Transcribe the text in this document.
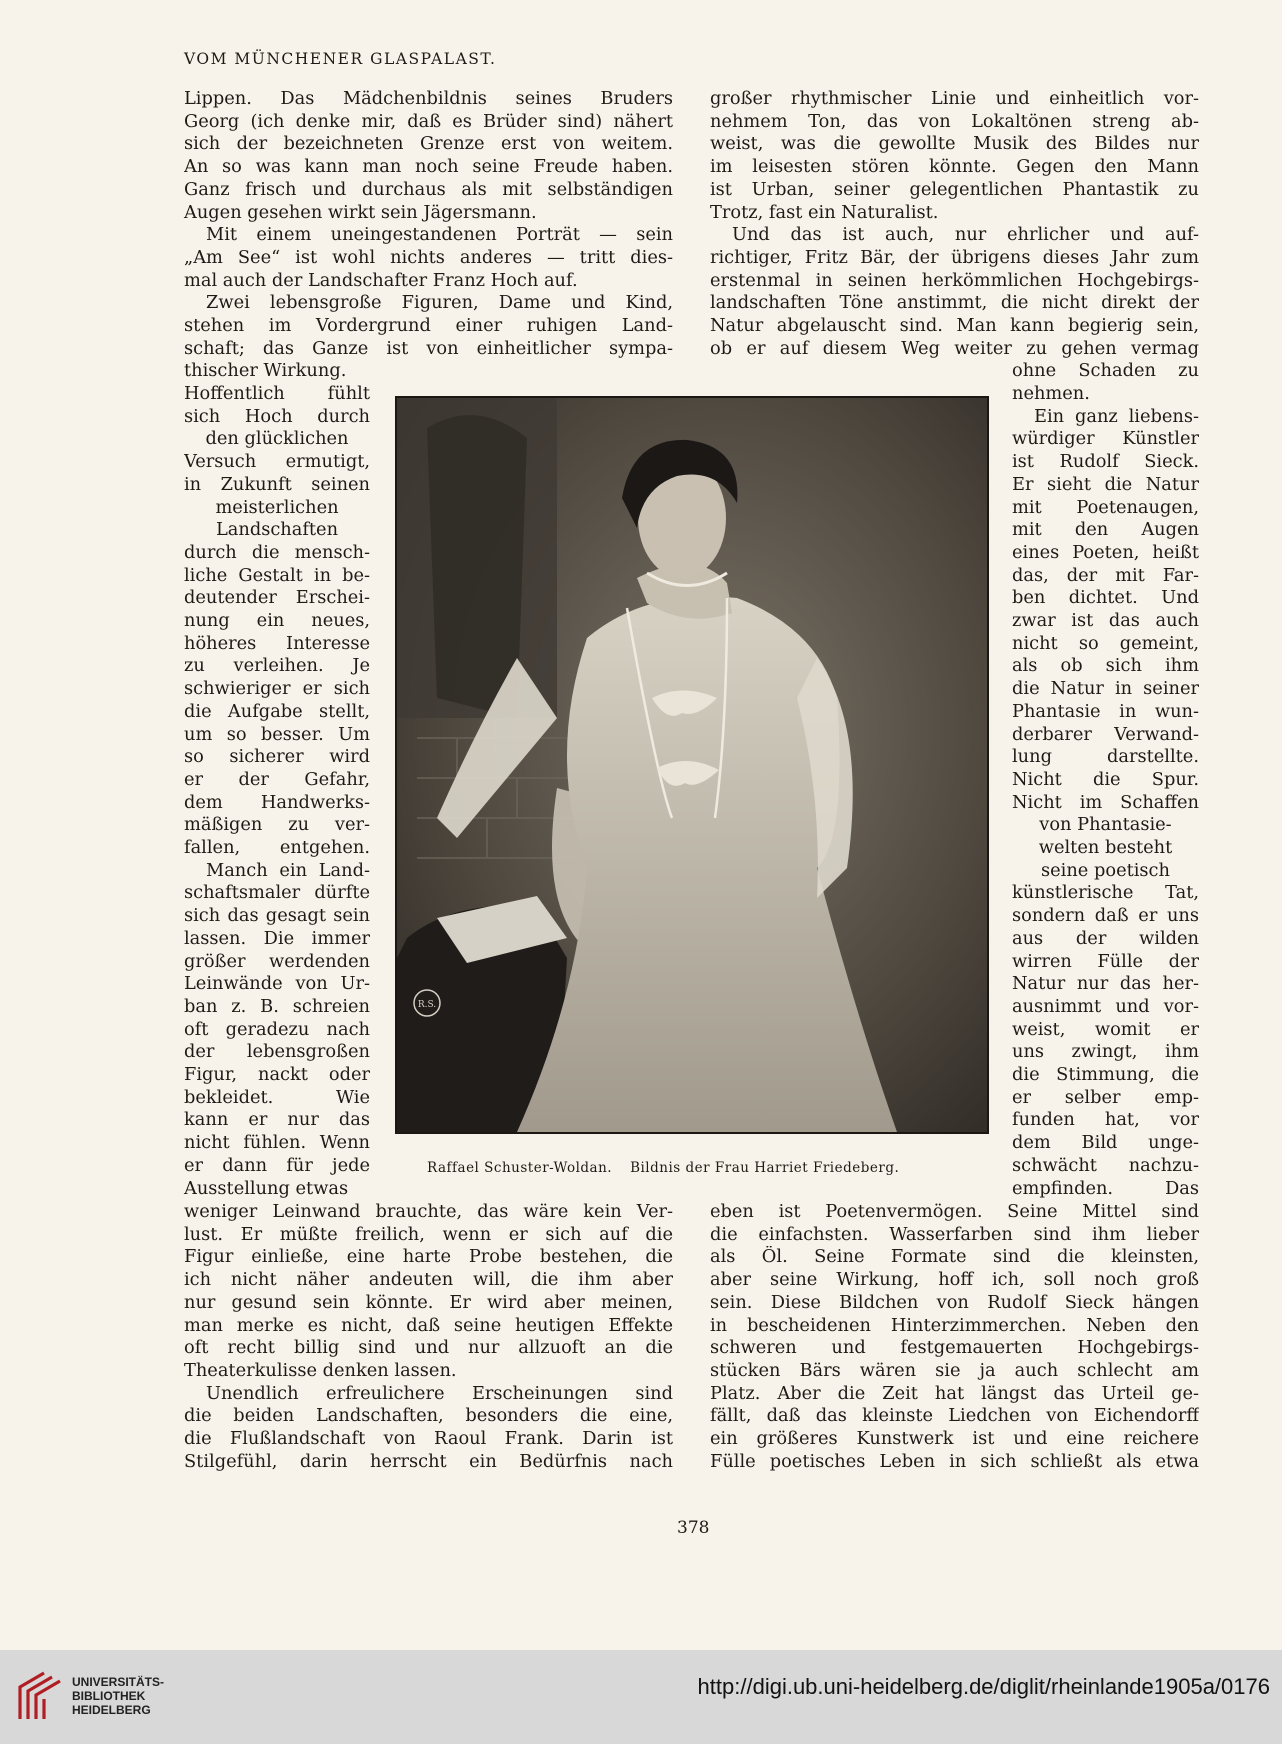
VOM MÜNCHENER GLASPALAST.
Lippen. Das Mädchenbildnis seines Bruders
Georg (ich denke mir, daß es Brüder sind) nähert
sich der bezeichneten Grenze erst von weitem.
An so was kann man noch seine Freude haben.
Ganz frisch und durchaus als mit selbständigen
Augen gesehen wirkt sein Jägersmann.
Mit einem uneingestandenen Porträt — sein
„Am See“ ist wohl nichts anderes — tritt dies-
mal auch der Landschafter Franz Hoch auf.
Zwei lebensgroße Figuren, Dame und Kind,
stehen im Vordergrund einer ruhigen Land-
schaft; das Ganze ist von einheitlicher sympa-
thischer Wirkung.
Hoffentlich fühlt
sich Hoch durch
den glücklichen
Versuch ermutigt,
in Zukunft seinen
meisterlichen
Landschaften
durch die mensch-
liche Gestalt in be-
deutender Erschei-
nung ein neues,
höheres Interesse
zu verleihen. Je
schwieriger er sich
die Aufgabe stellt,
um so besser. Um
so sicherer wird
er der Gefahr,
dem Handwerks-
mäßigen zu ver-
fallen, entgehen.
Manch ein Land-
schaftsmaler dürfte
sich das gesagt sein
lassen. Die immer
größer werdenden
Leinwände von Ur-
ban z. B. schreien
oft geradezu nach
der lebensgroßen
Figur, nackt oder
bekleidet. Wie
kann er nur das
nicht fühlen. Wenn
er dann für jede
Ausstellung etwas
weniger Leinwand brauchte, das wäre kein Ver-
lust. Er müßte freilich, wenn er sich auf die
Figur einließe, eine harte Probe bestehen, die
ich nicht näher andeuten will, die ihm aber
nur gesund sein könnte. Er wird aber meinen,
man merke es nicht, daß seine heutigen Effekte
oft recht billig sind und nur allzuoft an die
Theaterkulisse denken lassen.
Unendlich erfreulichere Erscheinungen sind
die beiden Landschaften, besonders die eine,
die Flußlandschaft von Raoul Frank. Darin ist
Stilgefühl, darin herrscht ein Bedürfnis nach
großer rhythmischer Linie und einheitlich vor-
nehmem Ton, das von Lokaltönen streng ab-
weist, was die gewollte Musik des Bildes nur
im leisesten stören könnte. Gegen den Mann
ist Urban, seiner gelegentlichen Phantastik zu
Trotz, fast ein Naturalist.
Und das ist auch, nur ehrlicher und auf-
richtiger, Fritz Bär, der übrigens dieses Jahr zum
erstenmal in seinen herkömmlichen Hochgebirgs-
landschaften Töne anstimmt, die nicht direkt der
Natur abgelauscht sind. Man kann begierig sein,
ob er auf diesem Weg weiter zu gehen vermag
ohne Schaden zu
nehmen.
Ein ganz liebens-
würdiger Künstler
ist Rudolf Sieck.
Er sieht die Natur
mit Poetenaugen,
mit den Augen
eines Poeten, heißt
das, der mit Far-
ben dichtet. Und
zwar ist das auch
nicht so gemeint,
als ob sich ihm
die Natur in seiner
Phantasie in wun-
derbarer Verwand-
lung darstellte.
Nicht die Spur.
Nicht im Schaffen
von Phantasie-
welten besteht
seine poetisch
künstlerische Tat,
sondern daß er uns
aus der wilden
wirren Fülle der
Natur nur das her-
ausnimmt und vor-
weist, womit er
uns zwingt, ihm
die Stimmung, die
er selber emp-
funden hat, vor
dem Bild unge-
schwächt nachzu-
empfinden. Das
eben ist Poetenvermögen. Seine Mittel sind
die einfachsten. Wasserfarben sind ihm lieber
als Öl. Seine Formate sind die kleinsten,
aber seine Wirkung, hoff ich, soll noch groß
sein. Diese Bildchen von Rudolf Sieck hängen
in bescheidenen Hinterzimmerchen. Neben den
schweren und festgemauerten Hochgebirgs-
stücken Bärs wären sie ja auch schlecht am
Platz. Aber die Zeit hat längst das Urteil ge-
fällt, daß das kleinste Liedchen von Eichendorff
ein größeres Kunstwerk ist und eine reichere
Fülle poetisches Leben in sich schließt als etwa
R.S.
Raffael Schuster-Woldan. Bildnis der Frau Harriet Friedeberg.
378
UNIVERSITÄTS-
BIBLIOTHEK
HEIDELBERG
http://digi.ub.uni-heidelberg.de/diglit/rheinlande1905a/0176
